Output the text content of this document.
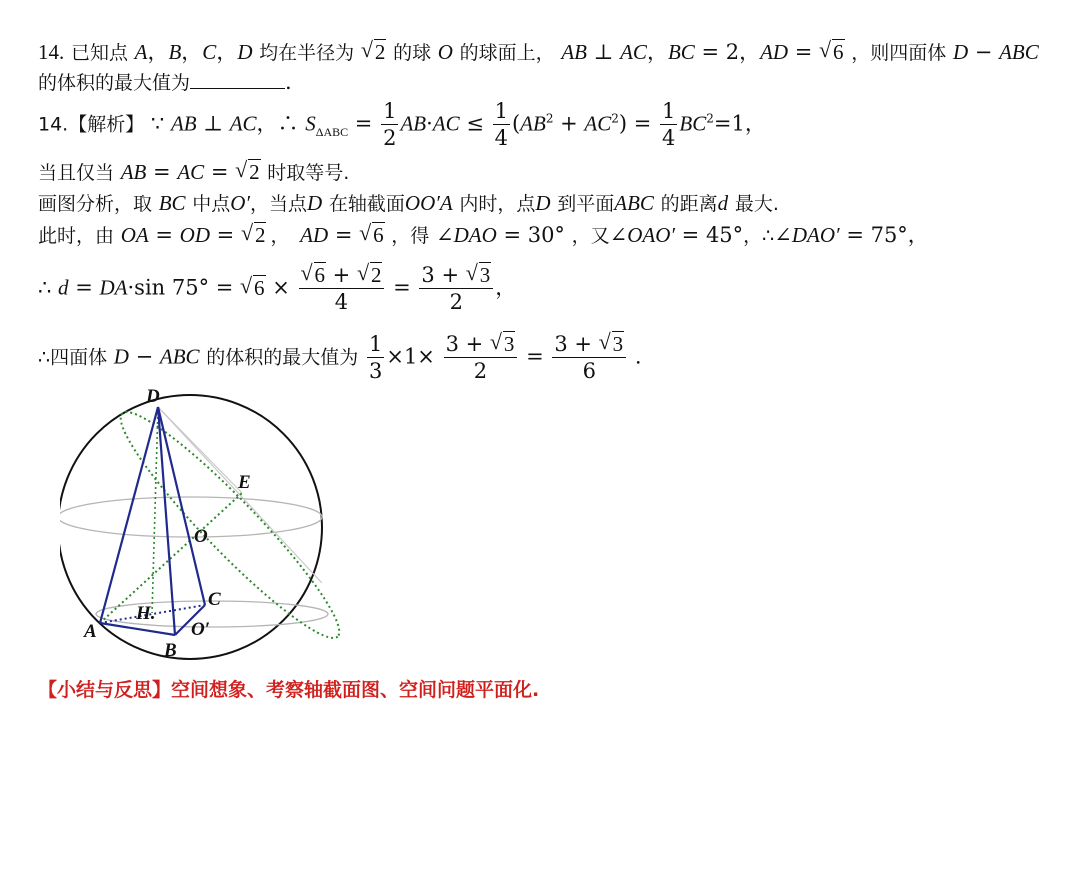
14. 已知点 A，B，C，D 均在半径为 √ 2 的球 O 的球面上， AB ⊥ AC，BC = 2，AD = √ 6 ，则四面体 D − ABC
的体积的最大值为	.
14.【解析】 ∵ AB ⊥ AC，∴ $S_{\Delta ABC} = \frac{1}{2} AB\cdot AC \le \frac{1}{4} (AB^2 + AC^2) = \frac{1}{4} BC^2=1$，
当且仅当 AB = AC = √ 2 时取等号.
画图分析，取 BC 中点O′，当点D 在轴截面OO′A 内时，点D 到平面ABC 的距离d 最大.
此时，由 OA = OD = √ 2 ， AD = √ 6 ，得 ∠DAO = 30° ，又∠OAO′ = 45°，∴∠DAO′ = 75°，
∴ d = DA·sin 75° = √ $6 \times \frac{√ 6 + √ 2}{4} = \frac{3 + √ 3}{2}$ ，
∴四面体 D − ABC 的体积的最大值为 $\frac{1}{3} \times 1\times \frac{3 + √ 3}{2} = \frac{3 + √ 3}{6}$ .
D
E
O
C
H.
A	O′
B
【小结与反思】空间想象、考察轴截面图、空间问题平面化.
